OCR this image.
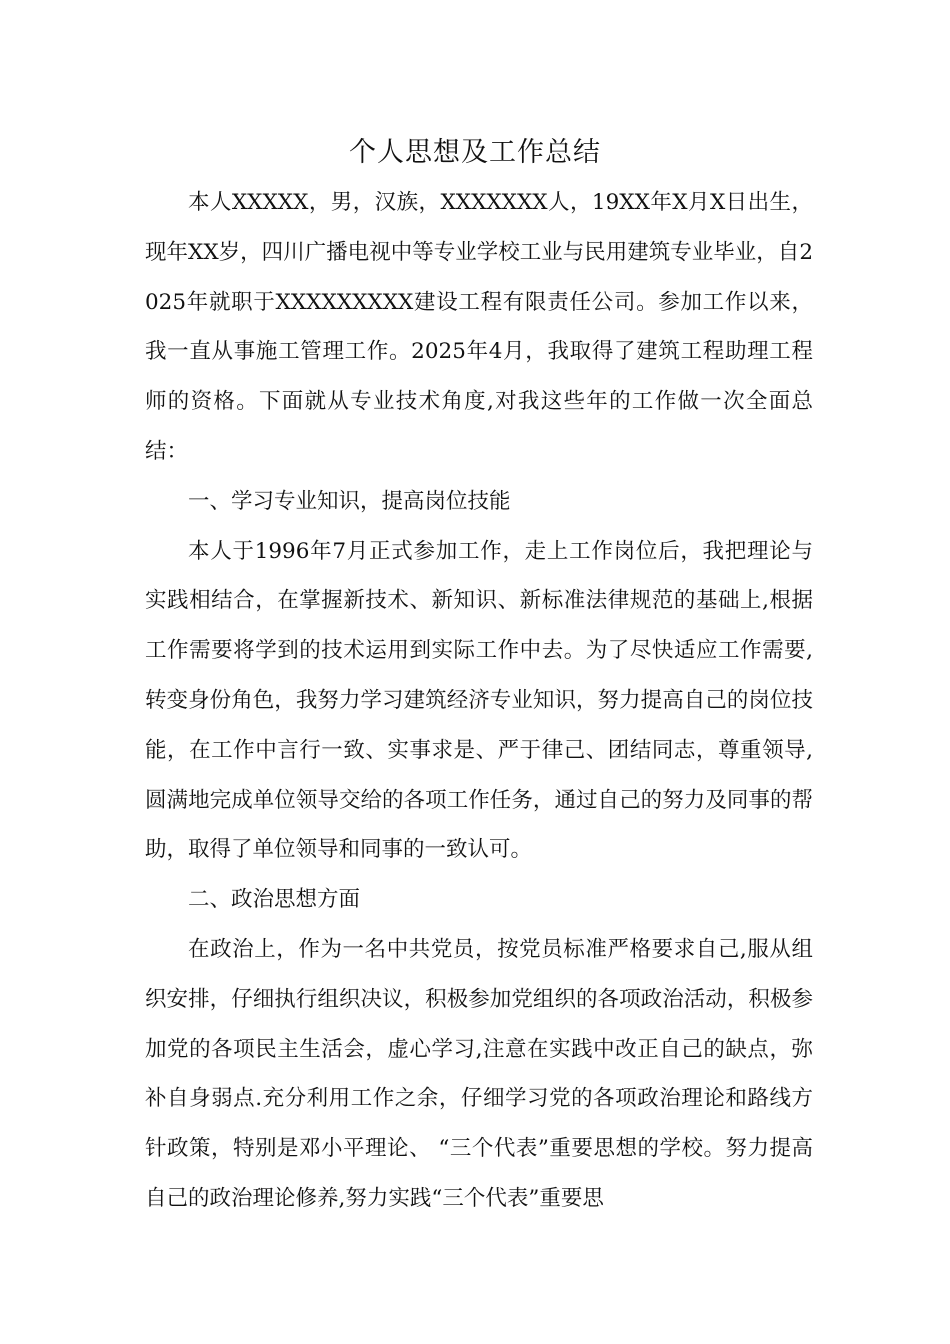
个人思想及工作总结

本人XXXXX，男，汉族，XXXXXXX人，19XX年X月X日出生，现年XX岁，四川广播电视中等专业学校工业与民用建筑专业毕业，自2025年就职于XXXXXXXXX建设工程有限责任公司。参加工作以来，我一直从事施工管理工作。2025年4月，我取得了建筑工程助理工程师的资格。下面就从专业技术角度,对我这些年的工作做一次全面总结：

一、学习专业知识，提高岗位技能

本人于1996年7月正式参加工作，走上工作岗位后，我把理论与实践相结合，在掌握新技术、新知识、新标准法律规范的基础上,根据工作需要将学到的技术运用到实际工作中去。为了尽快适应工作需要,转变身份角色，我努力学习建筑经济专业知识，努力提高自己的岗位技能，在工作中言行一致、实事求是、严于律己、团结同志，尊重领导,圆满地完成单位领导交给的各项工作任务，通过自己的努力及同事的帮助，取得了单位领导和同事的一致认可。

二、政治思想方面

在政治上，作为一名中共党员，按党员标准严格要求自己,服从组织安排，仔细执行组织决议，积极参加党组织的各项政治活动，积极参加党的各项民主生活会，虚心学习,注意在实践中改正自己的缺点，弥补自身弱点.充分利用工作之余，仔细学习党的各项政治理论和路线方针政策，特别是邓小平理论、 “三个代表”重要思想的学校。努力提高自己的政治理论修养,努力实践“三个代表”重要思
